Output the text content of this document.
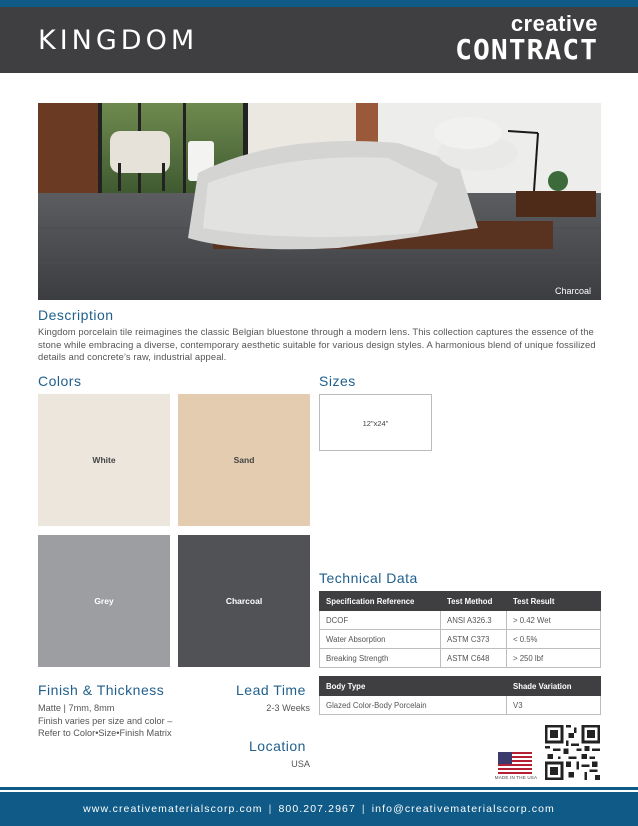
KINGDOM
creative
CONTRACT
Charcoal
Description
Kingdom porcelain tile reimagines the classic Belgian bluestone through a modern lens. This collection captures the essence of the stone while embracing a diverse, contemporary aesthetic suitable for various design styles. A harmonious blend of unique fossilized details and concrete’s raw, industrial appeal.
Colors
White	Sand
Grey	Charcoal
Sizes
12"x24"
Technical Data
Specification Reference	Test Method	Test Result
DCOF	ANSI A326.3	> 0.42 Wet
Water Absorption	ASTM C373	< 0.5%
Breaking Strength	ASTM C648	> 250 lbf
Body Type	Shade Variation
Glazed Color-Body Porcelain	V3
Finish & Thickness
Matte | 7mm, 8mm
Finish varies per size and color –
Refer to Color•Size•Finish Matrix
Lead Time
2-3 Weeks
Location
USA
MADE IN THE USA
www.creativematerialscorp.com | 800.207.2967 | info@creativematerialscorp.com
